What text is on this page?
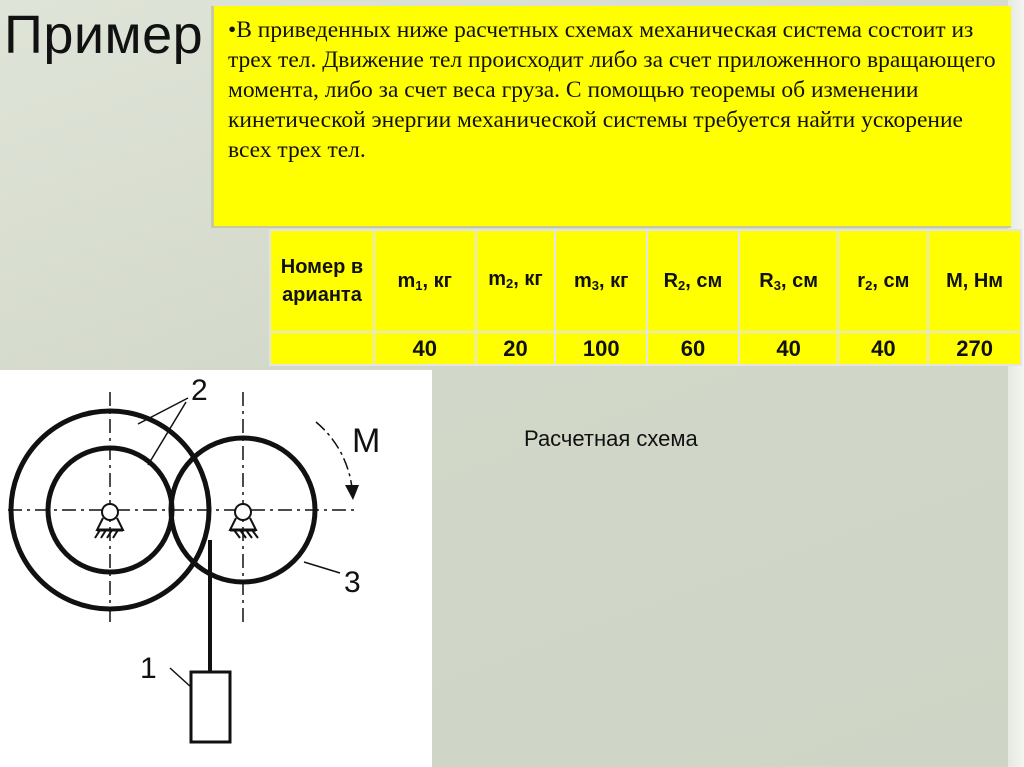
Пример •В приведенных ниже расчетных схемах механическая система состоит из трех тел. Движение тел происходит либо за счет приложенного вращающего момента, либо за счет веса груза. С помощью теоремы об изменении кинетической энергии механической системы требуется найти ускорение всех трех тел.
Номер варианта	$m_1$, кг	$m_2$, кг	$m_3$, кг	$R_2$, см	$R_3$, см	$r_2$, см	M, Нм
	40	20	100	60	40	40	270
2
M
3
1
Расчетная схема
